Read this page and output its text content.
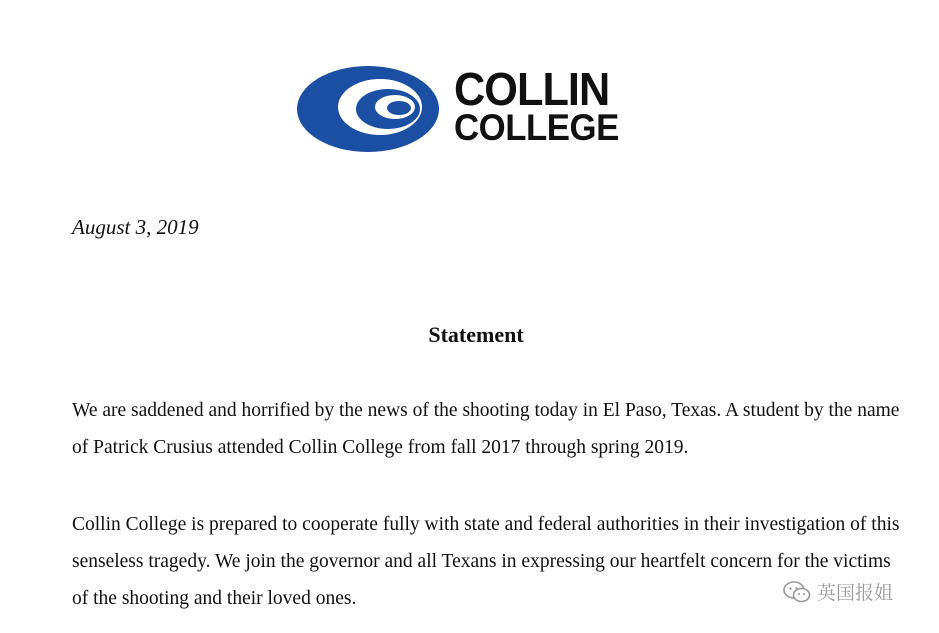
COLLIN
COLLEGE
August 3, 2019
Statement
We are saddened and horrified by the news of the shooting today in El Paso, Texas. A student by the name of Patrick Crusius attended Collin College from fall 2017 through spring 2019.
Collin College is prepared to cooperate fully with state and federal authorities in their investigation of this senseless tragedy. We join the governor and all Texans in expressing our heartfelt concern for the victims of the shooting and their loved ones.	英国报姐
